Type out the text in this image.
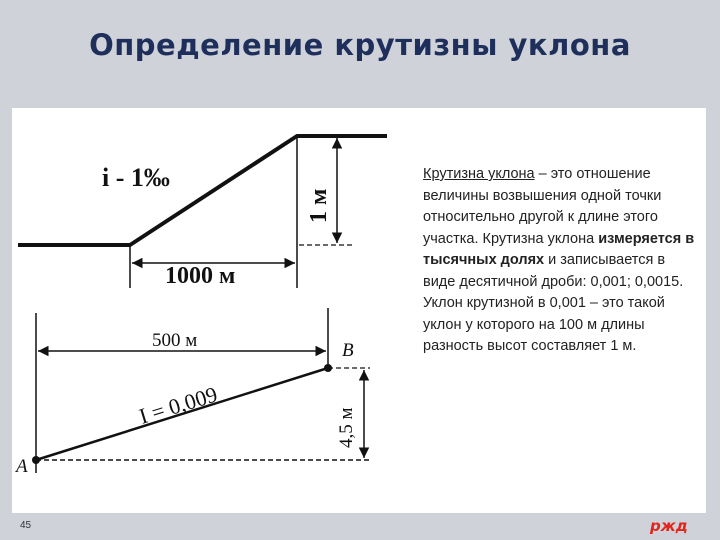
Определение крутизны уклона
45	ржд
i - 1‰
1 м
1000 м
500 м
I = 0,009	4,5 м
А
В

Крутизна уклона – это отношение величины возвышения одной точки относительно другой к длине этого участка. Крутизна уклона измеряется в тысячных долях и записывается в виде десятичной дроби: 0,001; 0,0015.

Уклон крутизной в 0,001 – это такой уклон у которого на 100 м длины разность высот составляет 1 м.
